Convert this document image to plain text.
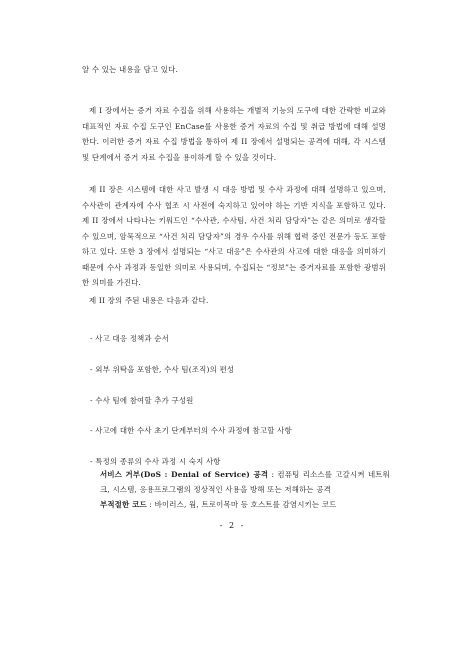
알 수 있는 내용을 담고 있다.

제 I 장에서는 증거 자료 수집을 위해 사용하는 개별적 기능의 도구에 대한 간략한 비교와 대표적인 자료 수집 도구인 EnCase를 사용한 증거 자료의 수집 및 취급 방법에 대해 설명한다. 이러한 증거 자료 수집 방법을 통하여 제 II 장에서 설명되는 공격에 대해, 각 시스템 및 단계에서 증거 자료 수집을 용이하게 할 수 있을 것이다.

제 II 장은 시스템에 대한 사고 발생 시 대응 방법 및 수사 과정에 대해 설명하고 있으며, 수사관이 관계자에 수사 협조 시 사전에 숙지하고 있어야 하는 기반 지식을 포함하고 있다. 제 II 장에서 나타나는 키워드인 “수사관, 수사팀, 사건 처리 담당자”는 같은 의미로 생각할 수 있으며, 암묵적으로 “사건 처리 담당자”의 경우 수사를 위해 협력 중인 전문가 등도 포함하고 있다. 또한 3 장에서 설명되는 “사고 대응”은 수사관의 사고에 대한 대응을 의미하기 때문에 수사 과정과 동일한 의미로 사용되며, 수집되는 “정보”는 증거자료를 포함한 광범위한 의미를 가진다.

제 II 장의 주된 내용은 다음과 같다.

- 사고 대응 정책과 순서
- 외부 위탁을 포함한, 수사 팀(조직)의 편성
- 수사 팀에 참여할 추가 구성원
- 사고에 대한 수사 초기 단계부터의 수사 과정에 참고할 사항
- 특정의 종류의 수사 과정 시 숙지 사항

서비스 거부(DoS : Denial of Service) 공격 : 컴퓨팅 리소스를 고갈시켜 네트워크, 시스템, 응용프로그램의 정상적인 사용을 방해 또는 저해하는 공격

부적절한 코드 : 바이러스, 웜, 트로이목마 등 호스트를 감염시키는 코드

- 2 -
